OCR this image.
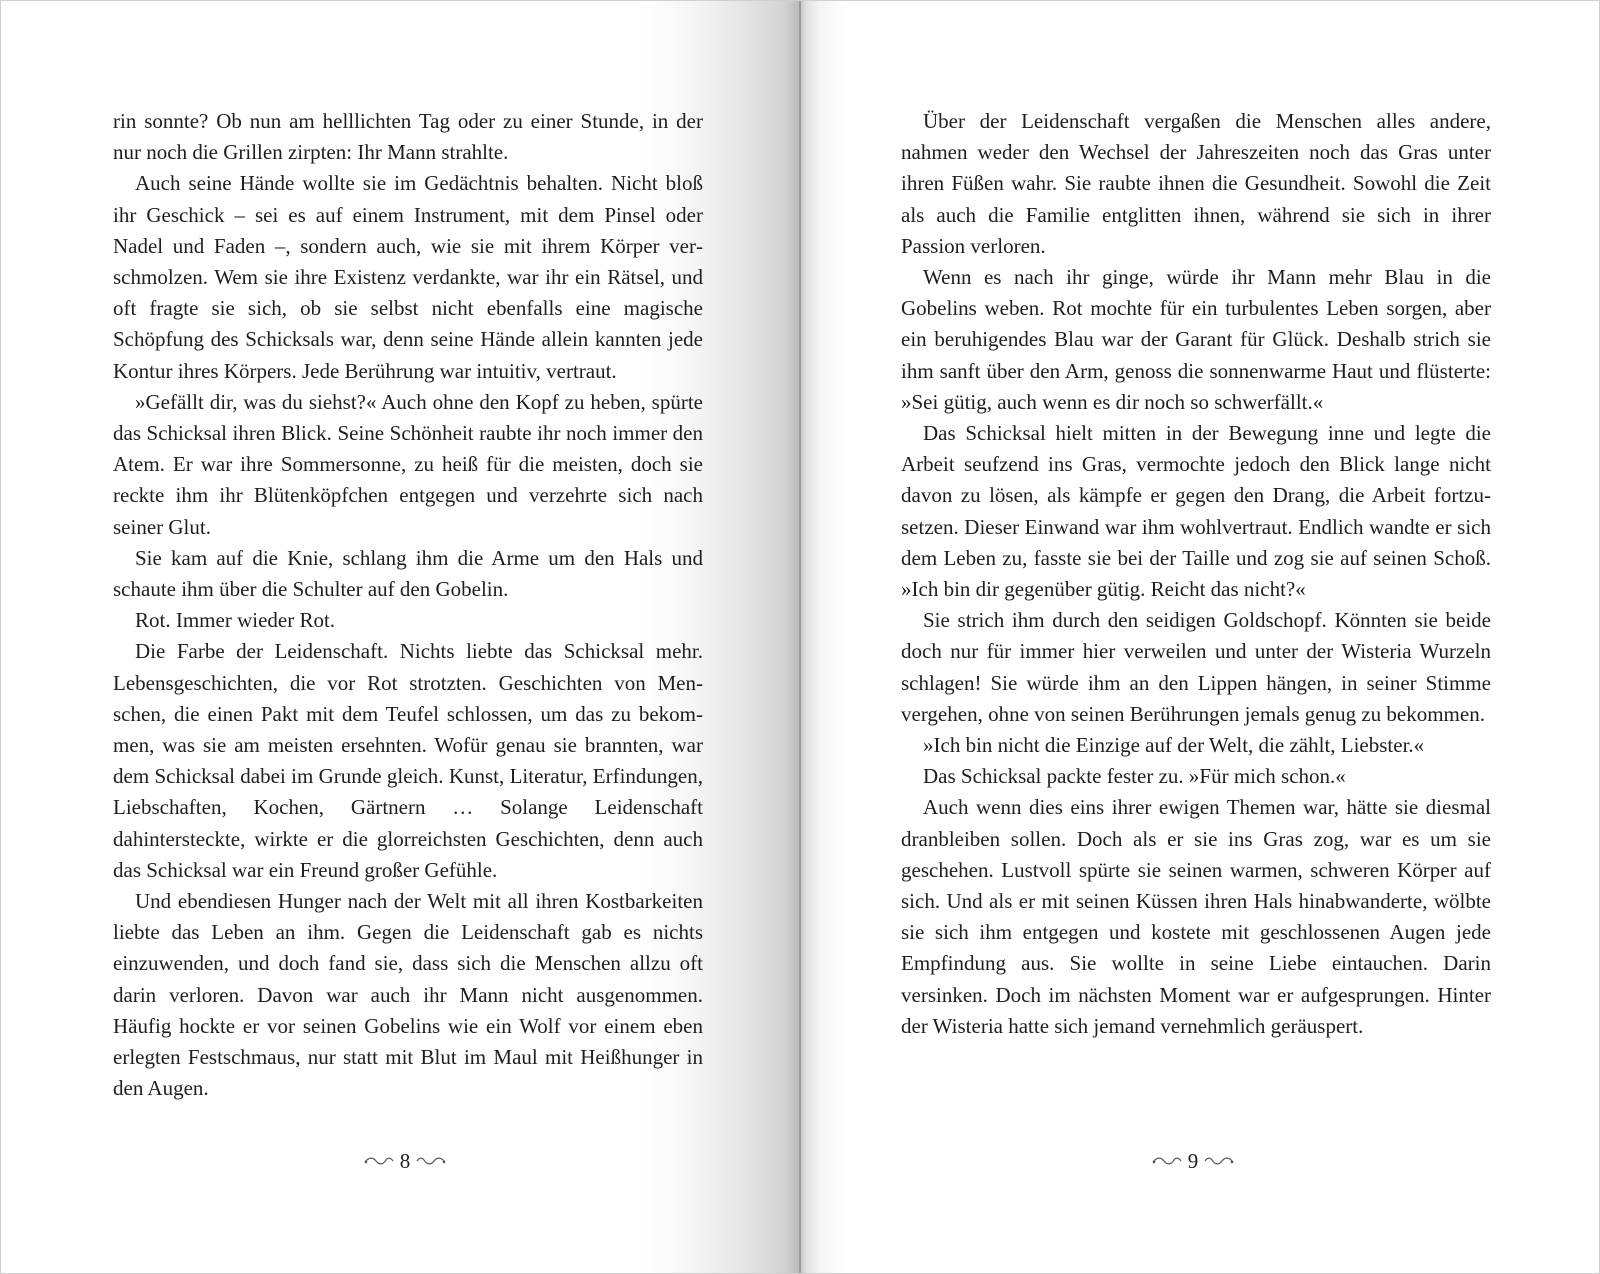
rin sonnte? Ob nun am helllichten Tag oder zu einer Stunde, in der nur noch die Grillen zirpten: Ihr Mann strahlte.

Auch seine Hände wollte sie im Gedächtnis behalten. Nicht bloß ihr Geschick – sei es auf einem Instrument, mit dem Pinsel oder Nadel und Faden –, sondern auch, wie sie mit ihrem Körper verschmolzen. Wem sie ihre Existenz verdankte, war ihr ein Rätsel, und oft fragte sie sich, ob sie selbst nicht ebenfalls eine magische Schöpfung des Schicksals war, denn seine Hände allein kannten jede Kontur ihres Körpers. Jede Berührung war intuitiv, vertraut.

»Gefällt dir, was du siehst?« Auch ohne den Kopf zu heben, spürte das Schicksal ihren Blick. Seine Schönheit raubte ihr noch immer den Atem. Er war ihre Sommersonne, zu heiß für die meisten, doch sie reckte ihm ihr Blütenköpfchen entgegen und verzehrte sich nach seiner Glut.

Sie kam auf die Knie, schlang ihm die Arme um den Hals und schaute ihm über die Schulter auf den Gobelin.

Rot. Immer wieder Rot.

Die Farbe der Leidenschaft. Nichts liebte das Schicksal mehr. Lebensgeschichten, die vor Rot strotzten. Geschichten von Menschen, die einen Pakt mit dem Teufel schlossen, um das zu bekommen, was sie am meisten ersehnten. Wofür genau sie brannten, war dem Schicksal dabei im Grunde gleich. Kunst, Literatur, Erfindungen, Liebschaften, Kochen, Gärtnern … Solange Leidenschaft dahintersteckte, wirkte er die glorreichsten Geschichten, denn auch das Schicksal war ein Freund großer Gefühle.

Und ebendiesen Hunger nach der Welt mit all ihren Kostbarkeiten liebte das Leben an ihm. Gegen die Leidenschaft gab es nichts einzuwenden, und doch fand sie, dass sich die Menschen allzu oft darin verloren. Davon war auch ihr Mann nicht ausgenommen. Häufig hockte er vor seinen Gobelins wie ein Wolf vor einem eben erlegten Festschmaus, nur statt mit Blut im Maul mit Heißhunger in den Augen.

8

Über der Leidenschaft vergaßen die Menschen alles andere, nahmen weder den Wechsel der Jahreszeiten noch das Gras unter ihren Füßen wahr. Sie raubte ihnen die Gesundheit. Sowohl die Zeit als auch die Familie entglitten ihnen, während sie sich in ihrer Passion verloren.

Wenn es nach ihr ginge, würde ihr Mann mehr Blau in die Gobelins weben. Rot mochte für ein turbulentes Leben sorgen, aber ein beruhigendes Blau war der Garant für Glück. Deshalb strich sie ihm sanft über den Arm, genoss die sonnenwarme Haut und flüsterte: »Sei gütig, auch wenn es dir noch so schwerfällt.«

Das Schicksal hielt mitten in der Bewegung inne und legte die Arbeit seufzend ins Gras, vermochte jedoch den Blick lange nicht davon zu lösen, als kämpfe er gegen den Drang, die Arbeit fortzusetzen. Dieser Einwand war ihm wohlvertraut. Endlich wandte er sich dem Leben zu, fasste sie bei der Taille und zog sie auf seinen Schoß. »Ich bin dir gegenüber gütig. Reicht das nicht?«

Sie strich ihm durch den seidigen Goldschopf. Könnten sie beide doch nur für immer hier verweilen und unter der Wisteria Wurzeln schlagen! Sie würde ihm an den Lippen hängen, in seiner Stimme vergehen, ohne von seinen Berührungen jemals genug zu bekommen.

»Ich bin nicht die Einzige auf der Welt, die zählt, Liebster.«

Das Schicksal packte fester zu. »Für mich schon.«

Auch wenn dies eins ihrer ewigen Themen war, hätte sie diesmal dranbleiben sollen. Doch als er sie ins Gras zog, war es um sie geschehen. Lustvoll spürte sie seinen warmen, schweren Körper auf sich. Und als er mit seinen Küssen ihren Hals hinabwanderte, wölbte sie sich ihm entgegen und kostete mit geschlossenen Augen jede Empfindung aus. Sie wollte in seine Liebe eintauchen. Darin versinken. Doch im nächsten Moment war er aufgesprungen. Hinter der Wisteria hatte sich jemand vernehmlich geräuspert.

9
